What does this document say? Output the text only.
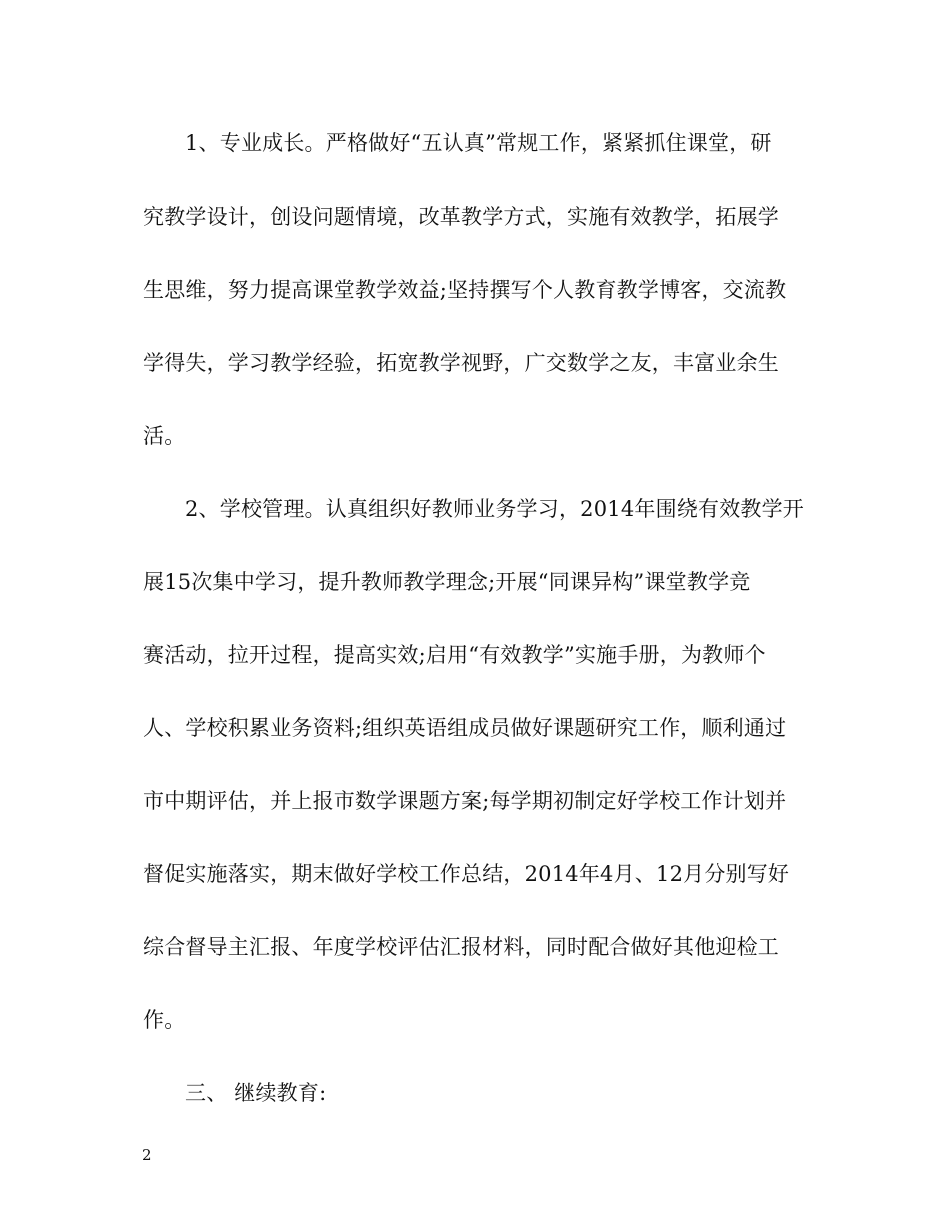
1、专业成长。严格做好“五认真”常规工作，紧紧抓住课堂，研
究教学设计，创设问题情境，改革教学方式，实施有效教学，拓展学
生思维，努力提高课堂教学效益;坚持撰写个人教育教学博客，交流教
学得失，学习教学经验，拓宽教学视野，广交数学之友，丰富业余生
活。
2、学校管理。认真组织好教师业务学习，2014年围绕有效教学开
展15次集中学习，提升教师教学理念;开展“同课异构”课堂教学竞
赛活动，拉开过程，提高实效;启用“有效教学”实施手册，为教师个
人、学校积累业务资料;组织英语组成员做好课题研究工作，顺利通过
市中期评估，并上报市数学课题方案;每学期初制定好学校工作计划并
督促实施落实，期末做好学校工作总结，2014年4月、12月分别写好
综合督导主汇报、年度学校评估汇报材料，同时配合做好其他迎检工
作。
三、 继续教育:
2
